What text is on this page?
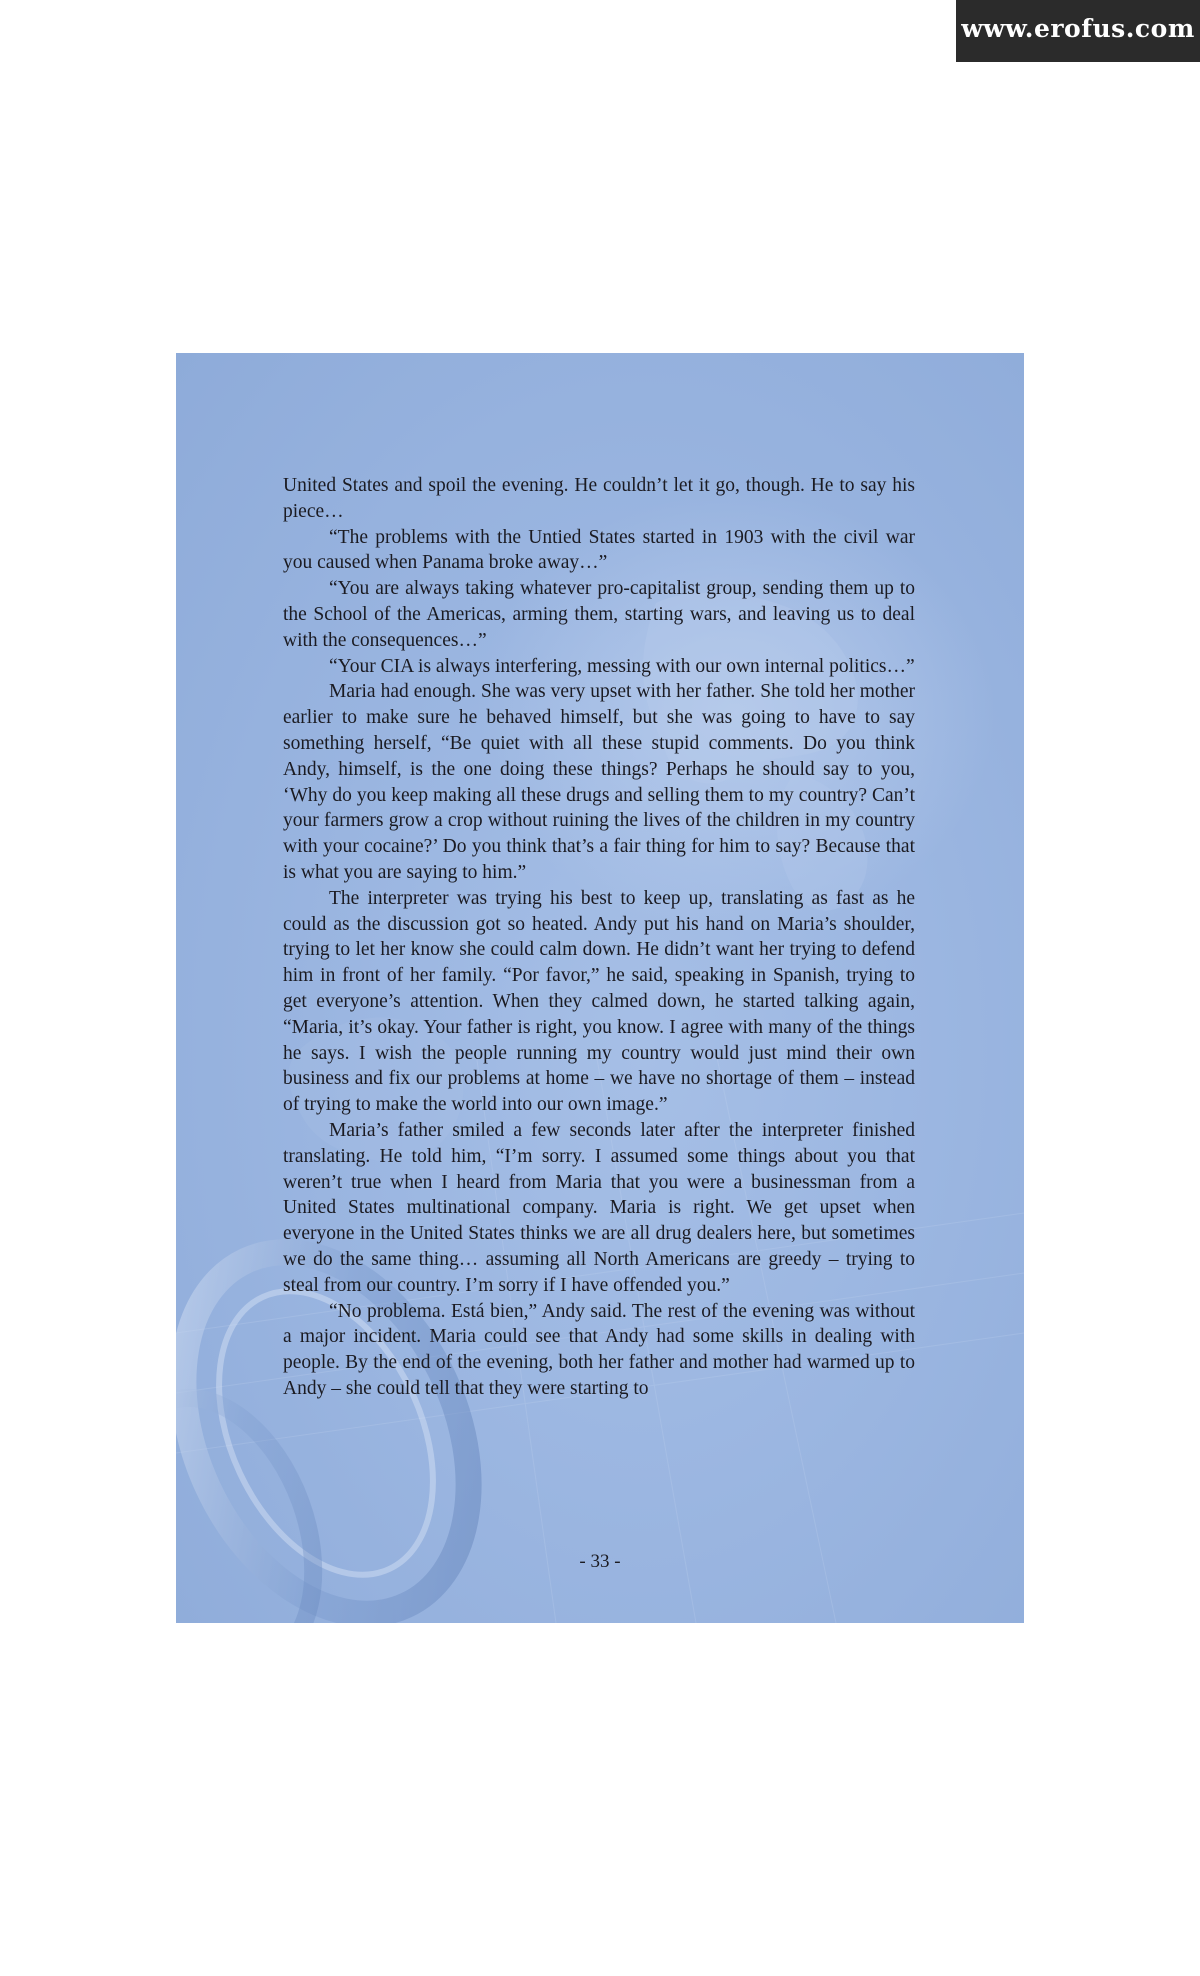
www.erofus.com

United States and spoil the evening. He couldn’t let it go, though. He to say his piece…

“The problems with the Untied States started in 1903 with the civil war you caused when Panama broke away…”

“You are always taking whatever pro-capitalist group, sending them up to the School of the Americas, arming them, starting wars, and leaving us to deal with the consequences…”

“Your CIA is always interfering, messing with our own internal politics…”

Maria had enough. She was very upset with her father. She told her mother earlier to make sure he behaved himself, but she was going to have to say something herself, “Be quiet with all these stupid comments. Do you think Andy, himself, is the one doing these things? Perhaps he should say to you, ‘Why do you keep making all these drugs and selling them to my country? Can’t your farmers grow a crop without ruining the lives of the children in my country with your cocaine?’ Do you think that’s a fair thing for him to say? Because that is what you are saying to him.”

The interpreter was trying his best to keep up, translating as fast as he could as the discussion got so heated. Andy put his hand on Maria’s shoulder, trying to let her know she could calm down. He didn’t want her trying to defend him in front of her family. “Por favor,” he said, speaking in Spanish, trying to get everyone’s attention. When they calmed down, he started talking again, “Maria, it’s okay. Your father is right, you know. I agree with many of the things he says. I wish the people running my country would just mind their own business and fix our problems at home – we have no shortage of them – instead of trying to make the world into our own image.”

Maria’s father smiled a few seconds later after the interpreter finished translating. He told him, “I’m sorry. I assumed some things about you that weren’t true when I heard from Maria that you were a businessman from a United States multinational company. Maria is right. We get upset when everyone in the United States thinks we are all drug dealers here, but sometimes we do the same thing… assuming all North Americans are greedy – trying to steal from our country. I’m sorry if I have offended you.”

“No problema. Está bien,” Andy said. The rest of the evening was without a major incident. Maria could see that Andy had some skills in dealing with people. By the end of the evening, both her father and mother had warmed up to Andy – she could tell that they were starting to

- 33 -
